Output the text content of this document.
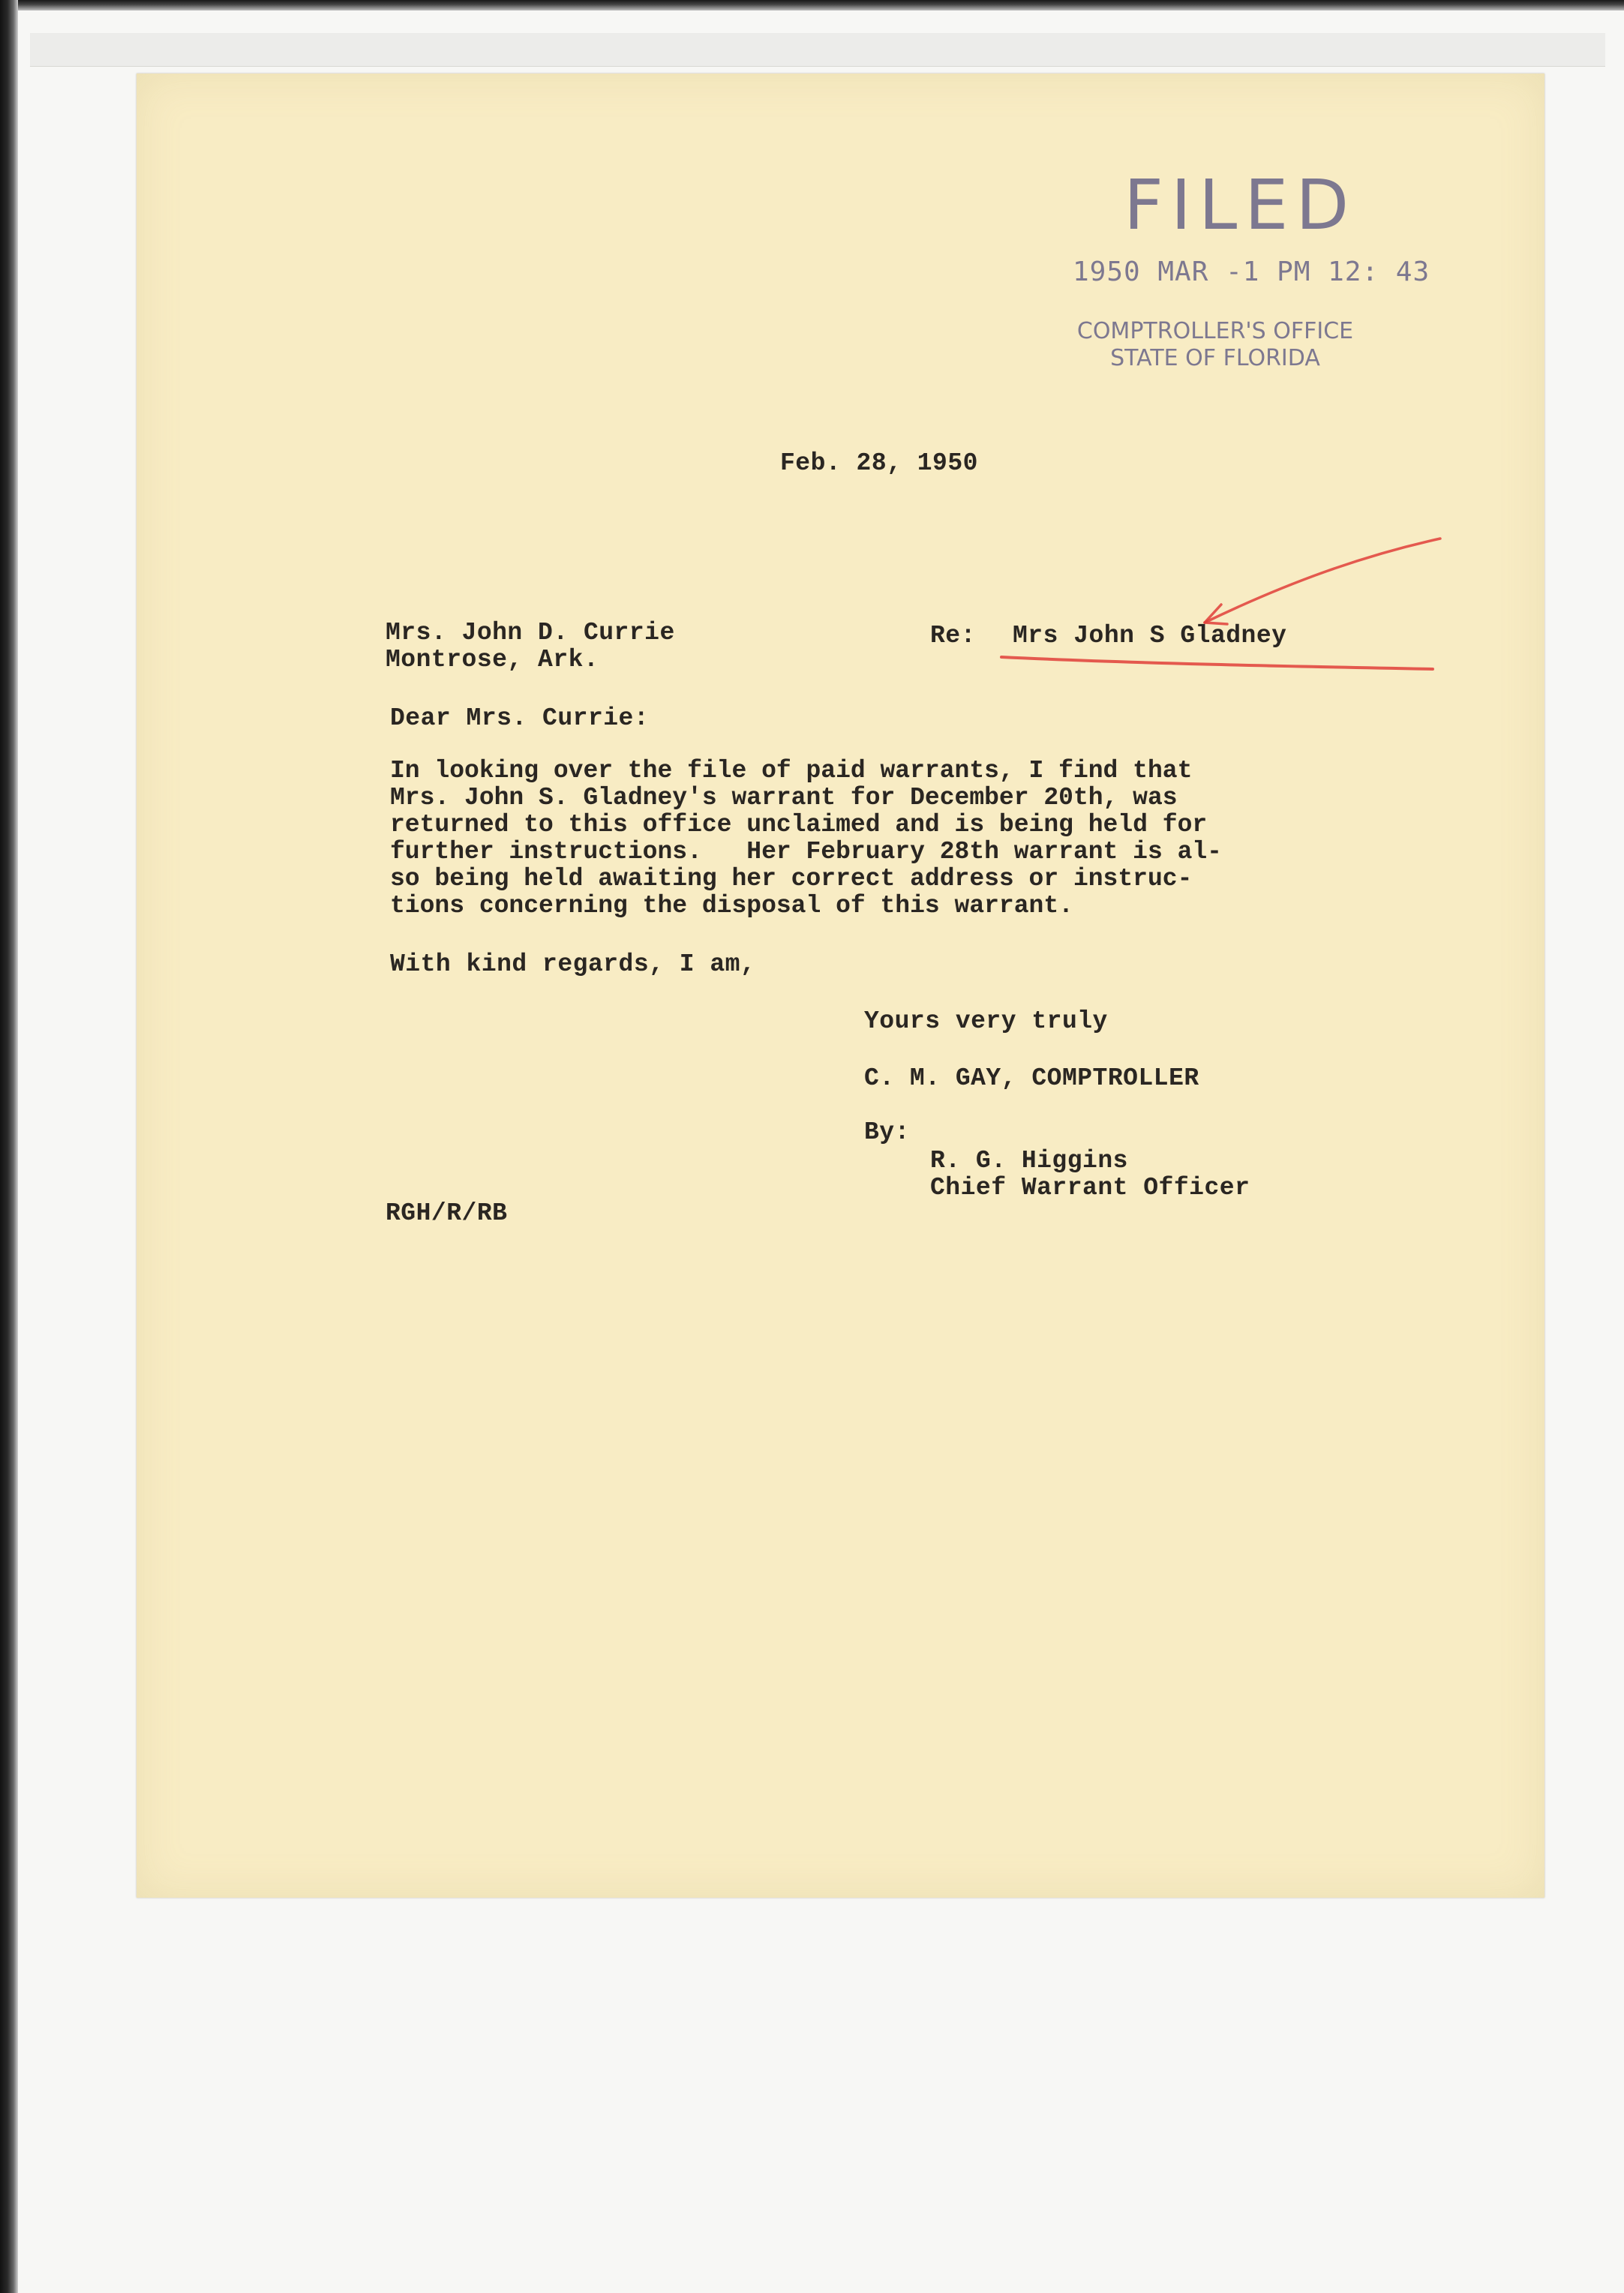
FILED
1950 MAR -1 PM 12: 43
COMPTROLLER'S OFFICE
STATE OF FLORIDA
Feb. 28, 1950
Mrs. John D. Currie
Montrose, Ark.
Re: Mrs John S Gladney
Dear Mrs. Currie:
In looking over the file of paid warrants, I find that
Mrs. John S. Gladney's warrant for December 20th, was
returned to this office unclaimed and is being held for
further instructions.   Her February 28th warrant is al-
so being held awaiting her correct address or instruc-
tions concerning the disposal of this warrant.
With kind regards, I am,
Yours very truly
C. M. GAY, COMPTROLLER
By:
R. G. Higgins
Chief Warrant Officer
RGH/R/RB
